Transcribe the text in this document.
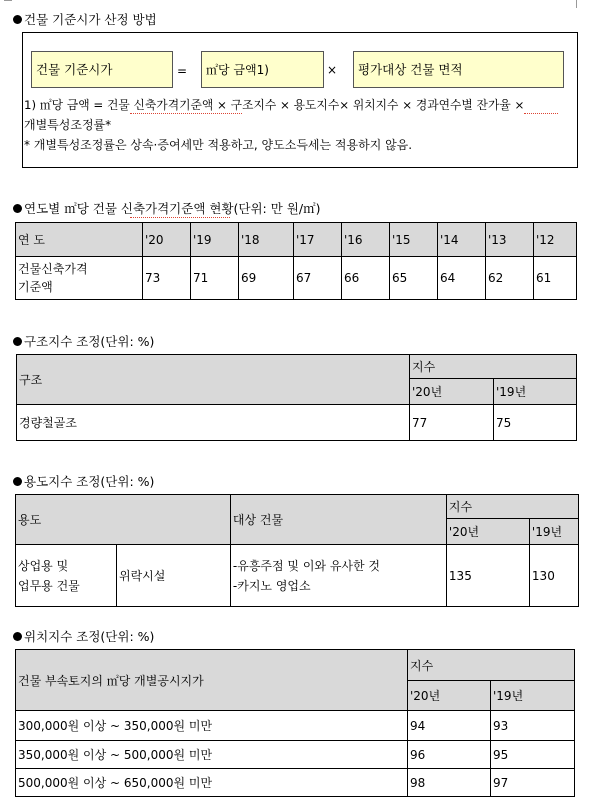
건물 기준시가 산정 방법
건물 기준시가	=	㎡당 금액1)	×	평가대상 건물 면적
1) ㎡당 금액 = 건물 신축가격기준액 × 구조지수 × 용도지수× 위치지수 × 경과연수별 잔가율 ×
개별특성조정률*
* 개별특성조정률은 상속·증여세만 적용하고, 양도소득세는 적용하지 않음.
연도별 ㎡당 건물 신축가격기준액 현황(단위: 만 원/㎡)
연 도	'20	'19	'18	'17	'16	'15	'14	'13	'12
건물신축가격
기준액	73	71	69	67	66	65	64	62	61
구조지수 조정(단위: %)
구조	지수	
	'20년	'19년
경량철골조	77	75
용도지수 조정(단위: %)
용도		대상 건물	지수	
			'20년	'19년
상업용 및
업무용 건물	위락시설	-유흥주점 및 이와 유사한 것
-카지노 영업소	135	130
위치지수 조정(단위: %)
건물 부속토지의 ㎡당 개별공시지가	지수	
	'20년	'19년
300,000원 이상 ~ 350,000원 미만	94	93
350,000원 이상 ~ 500,000원 미만	96	95
500,000원 이상 ~ 650,000원 미만	98	97
